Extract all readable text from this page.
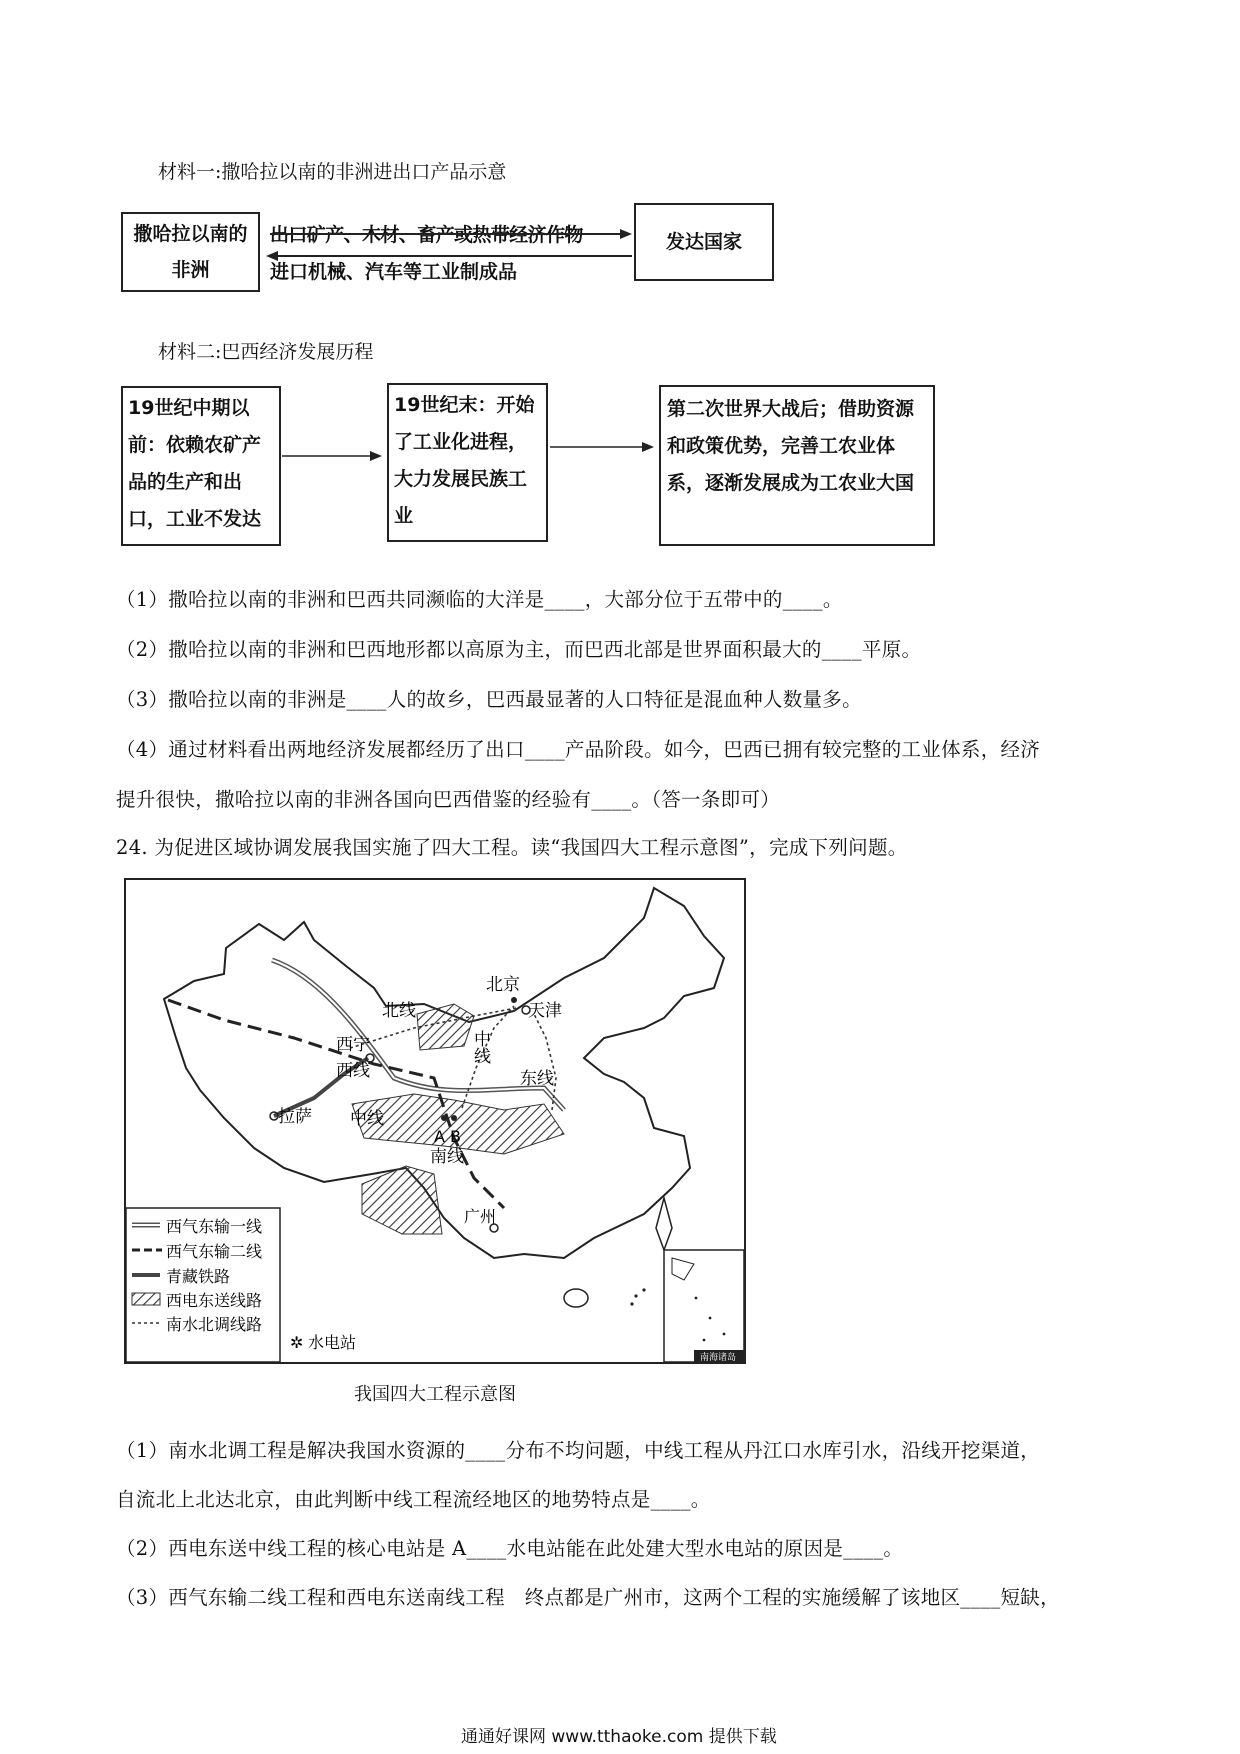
材料一:撒哈拉以南的非洲进出口产品示意
撒哈拉以南的非洲
发达国家
出口矿产、木材、畜产或热带经济作物
进口机械、汽车等工业制成品
材料二:巴西经济发展历程
19世纪中期以前：依赖农矿产品的生产和出口，工业不发达
19世纪末：开始了工业化进程，大力发展民族工业
第二次世界大战后；借助资源和政策优势，完善工农业体系，逐渐发展成为工农业大国
（1）撒哈拉以南的非洲和巴西共同濒临的大洋是____，大部分位于五带中的____。
（2）撒哈拉以南的非洲和巴西地形都以高原为主，而巴西北部是世界面积最大的____平原。
（3）撒哈拉以南的非洲是____人的故乡，巴西最显著的人口特征是混血种人数量多。
（4）通过材料看出两地经济发展都经历了出口____产品阶段。如今，巴西已拥有较完整的工业体系，经济
提升很快，撒哈拉以南的非洲各国向巴西借鉴的经验有____。（答一条即可）
24. 为促进区域协调发展我国实施了四大工程。读“我国四大工程示意图”，完成下列问题。
北京
天津
西宁
拉萨
广州
北线
西线
中线
东线
中线
A B
南线
西气东输一线
西气东输二线
青藏铁路
西电东送线路
南水北调线路
✲ 水电站
南海诸岛
我国四大工程示意图
（1）南水北调工程是解决我国水资源的____分布不均问题，中线工程从丹江口水库引水，沿线开挖渠道，
自流北上北达北京，由此判断中线工程流经地区的地势特点是____。
（2）西电东送中线工程的核心电站是 A____水电站能在此处建大型水电站的原因是____。
（3）西气东输二线工程和西电东送南线工程　终点都是广州市，这两个工程的实施缓解了该地区____短缺，
通通好课网 www.tthaoke.com 提供下载
